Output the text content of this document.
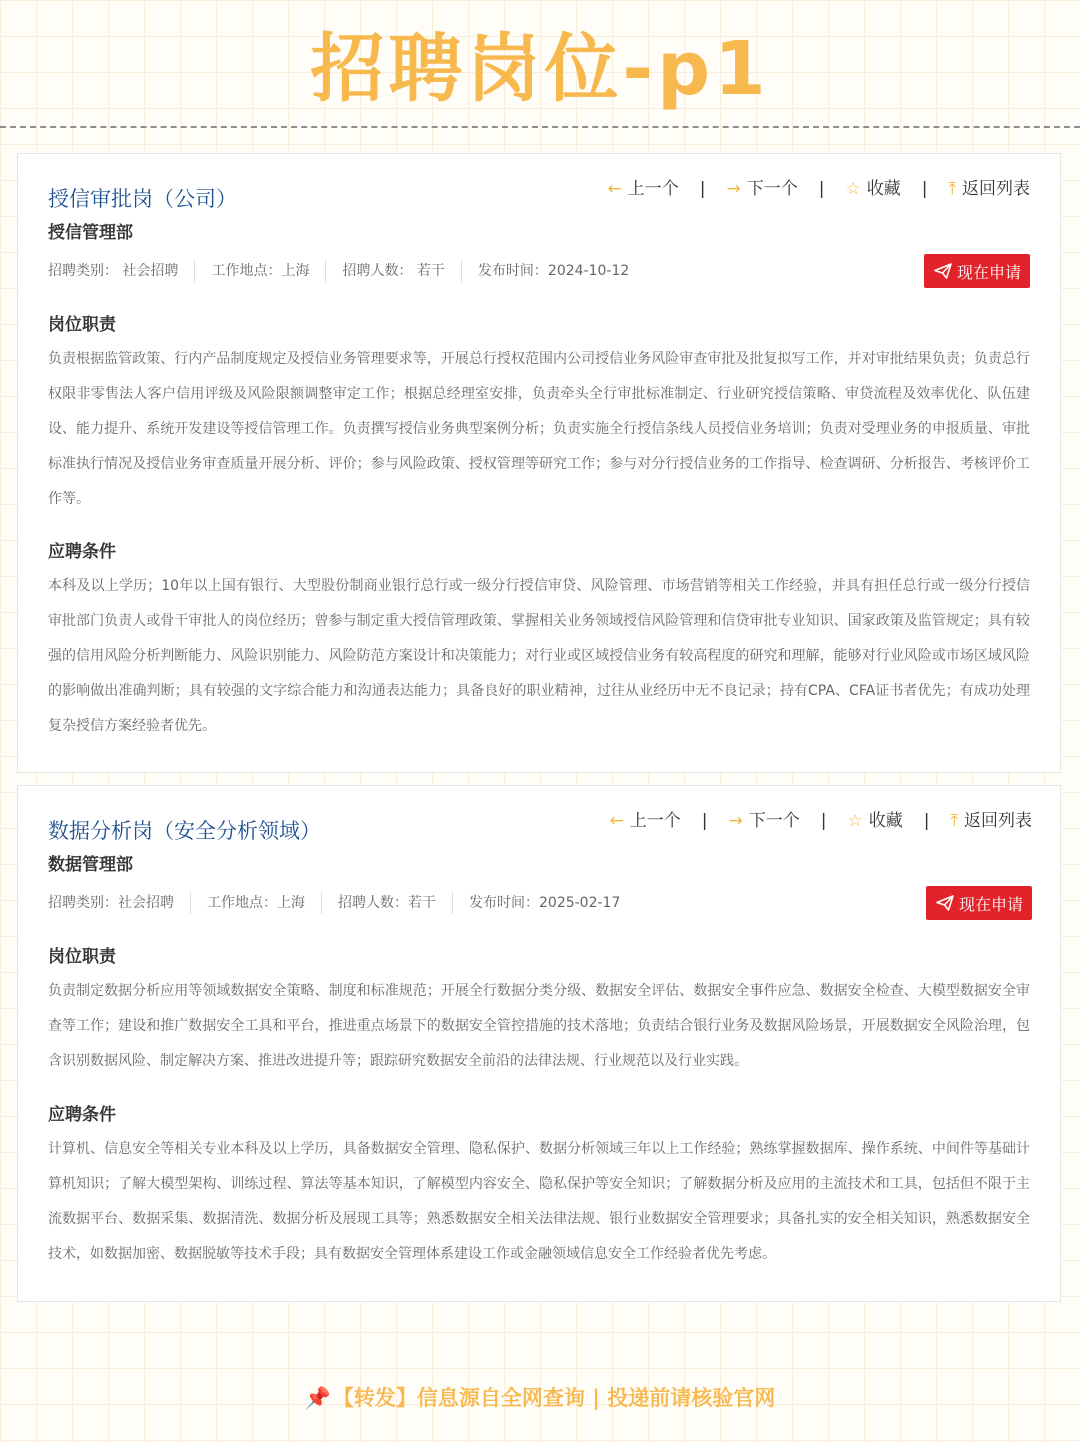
招聘岗位-p1
授信审批岗（公司）
授信管理部
← 上一个 | → 下一个 | ☆ 收藏 | ⤒ 返回列表
招聘类别： 社会招聘 工作地点：上海 招聘人数： 若干 发布时间：2024-10-12	现在申请
岗位职责

负责根据监管政策、行内产品制度规定及授信业务管理要求等，开展总行授权范围内公司授信业务风险审查审批及批复拟写工作，并对审批结果负责；负责总行权限非零售法人客户信用评级及风险限额调整审定工作；根据总经理室安排，负责牵头全行审批标准制定、行业研究授信策略、审贷流程及效率优化、队伍建设、能力提升、系统开发建设等授信管理工作。负责撰写授信业务典型案例分析；负责实施全行授信条线人员授信业务培训；负责对受理业务的申报质量、审批标准执行情况及授信业务审查质量开展分析、评价；参与风险政策、授权管理等研究工作；参与对分行授信业务的工作指导、检查调研、分析报告、考核评价工作等。

应聘条件

本科及以上学历；10年以上国有银行、大型股份制商业银行总行或一级分行授信审贷、风险管理、市场营销等相关工作经验，并具有担任总行或一级分行授信审批部门负责人或骨干审批人的岗位经历；曾参与制定重大授信管理政策、掌握相关业务领域授信风险管理和信贷审批专业知识、国家政策及监管规定；具有较强的信用风险分析判断能力、风险识别能力、风险防范方案设计和决策能力；对行业或区域授信业务有较高程度的研究和理解，能够对行业风险或市场区域风险的影响做出准确判断；具有较强的文字综合能力和沟通表达能力；具备良好的职业精神，过往从业经历中无不良记录；持有CPA、CFA证书者优先；有成功处理复杂授信方案经验者优先。

数据分析岗（安全分析领域）
数据管理部
← 上一个 | → 下一个 | ☆ 收藏 | ⤒ 返回列表
招聘类别：社会招聘 工作地点：上海 招聘人数：若干 发布时间：2025-02-17	现在申请
岗位职责

负责制定数据分析应用等领域数据安全策略、制度和标准规范；开展全行数据分类分级、数据安全评估、数据安全事件应急、数据安全检查、大模型数据安全审查等工作；建设和推广数据安全工具和平台，推进重点场景下的数据安全管控措施的技术落地；负责结合银行业务及数据风险场景，开展数据安全风险治理，包含识别数据风险、制定解决方案、推进改进提升等；跟踪研究数据安全前沿的法律法规、行业规范以及行业实践。

应聘条件

计算机、信息安全等相关专业本科及以上学历，具备数据安全管理、隐私保护、数据分析领域三年以上工作经验；熟练掌握数据库、操作系统、中间件等基础计算机知识；了解大模型架构、训练过程、算法等基本知识，了解模型内容安全、隐私保护等安全知识；了解数据分析及应用的主流技术和工具，包括但不限于主流数据平台、数据采集、数据清洗、数据分析及展现工具等；熟悉数据安全相关法律法规、银行业数据安全管理要求；具备扎实的安全相关知识，熟悉数据安全技术，如数据加密、数据脱敏等技术手段；具有数据安全管理体系建设工作或金融领域信息安全工作经验者优先考虑。

📌【转发】信息源自全网查询 | 投递前请核验官网
